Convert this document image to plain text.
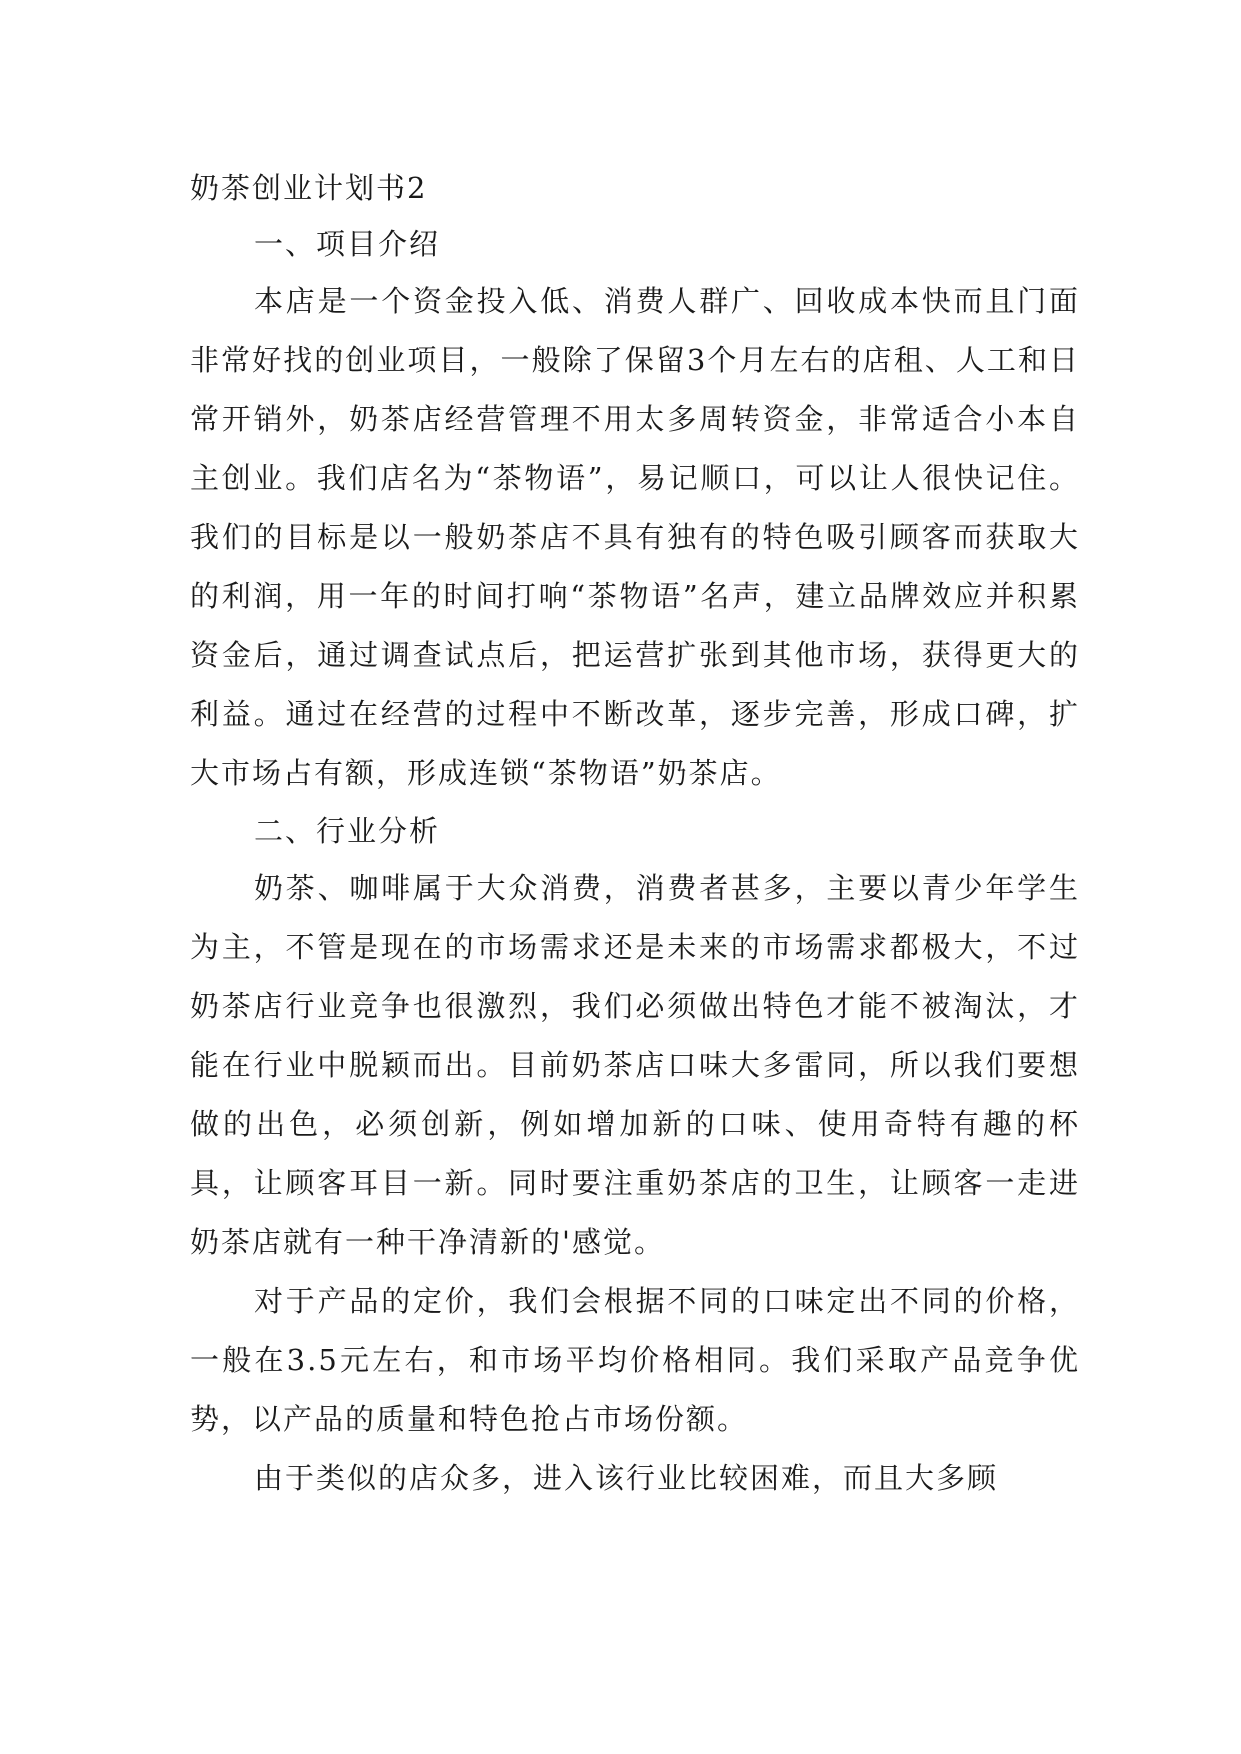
奶茶创业计划书2

一、项目介绍

本店是一个资金投入低、消费人群广、回收成本快而且门面非常好找的创业项目，一般除了保留3个月左右的店租、人工和日常开销外，奶茶店经营管理不用太多周转资金，非常适合小本自主创业。我们店名为“茶物语”，易记顺口，可以让人很快记住。我们的目标是以一般奶茶店不具有独有的特色吸引顾客而获取大的利润，用一年的时间打响“茶物语”名声，建立品牌效应并积累资金后，通过调查试点后，把运营扩张到其他市场，获得更大的利益。通过在经营的过程中不断改革，逐步完善，形成口碑，扩大市场占有额，形成连锁“茶物语”奶茶店。

二、行业分析

奶茶、咖啡属于大众消费，消费者甚多，主要以青少年学生为主，不管是现在的市场需求还是未来的市场需求都极大，不过奶茶店行业竞争也很激烈，我们必须做出特色才能不被淘汰，才能在行业中脱颖而出。目前奶茶店口味大多雷同，所以我们要想做的出色，必须创新，例如增加新的口味、使用奇特有趣的杯具，让顾客耳目一新。同时要注重奶茶店的卫生，让顾客一走进奶茶店就有一种干净清新的'感觉。

对于产品的定价，我们会根据不同的口味定出不同的价格，一般在3.5元左右，和市场平均价格相同。我们采取产品竞争优势，以产品的质量和特色抢占市场份额。

由于类似的店众多，进入该行业比较困难，而且大多顾
